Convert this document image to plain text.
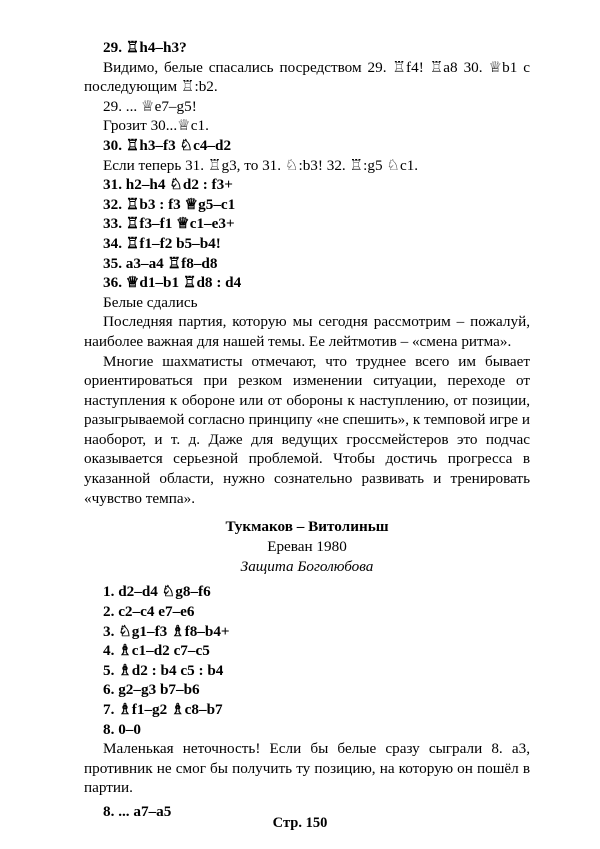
29. ♖h4–h3?

Видимо, белые спасались посредством 29. ♖f4! ♖a8 30. ♕b1 с последующим ♖:b2.

29. ... ♕e7–g5!

Грозит 30...♕c1.

30. ♖h3–f3 ♘c4–d2

Если теперь 31. ♖g3, то 31. ♘:b3! 32. ♖:g5 ♘c1.

31. h2–h4 ♘d2 : f3+

32. ♖b3 : f3 ♕g5–c1

33. ♖f3–f1 ♕c1–e3+

34. ♖f1–f2 b5–b4!

35. a3–a4 ♖f8–d8

36. ♕d1–b1 ♖d8 : d4

Белые сдались

Последняя партия, которую мы сегодня рассмотрим – пожалуй, наиболее важная для нашей темы. Ее лейтмотив – «смена ритма».

Многие шахматисты отмечают, что труднее всего им бывает ориентироваться при резком изменении ситуации, переходе от наступления к обороне или от обороны к наступлению, от позиции, разыгрываемой согласно принципу «не спешить», к темповой игре и наоборот, и т. д. Даже для ведущих гроссмейстеров это подчас оказывается серьезной проблемой. Чтобы достичь прогресса в указанной области, нужно сознательно развивать и тренировать «чувство темпа».

Тукмаков – Витолиньш
Ереван 1980
Защита Боголюбова

1. d2–d4 ♘g8–f6

2. c2–c4 e7–e6

3. ♘g1–f3 ♗f8–b4+

4. ♗c1–d2 c7–c5

5. ♗d2 : b4 c5 : b4

6. g2–g3 b7–b6

7. ♗f1–g2 ♗c8–b7

8. 0–0

Маленькая неточность! Если бы белые сразу сыграли 8. a3, противник не смог бы получить ту позицию, на которую он пошёл в партии.

8. ... a7–a5

Стр. 150
